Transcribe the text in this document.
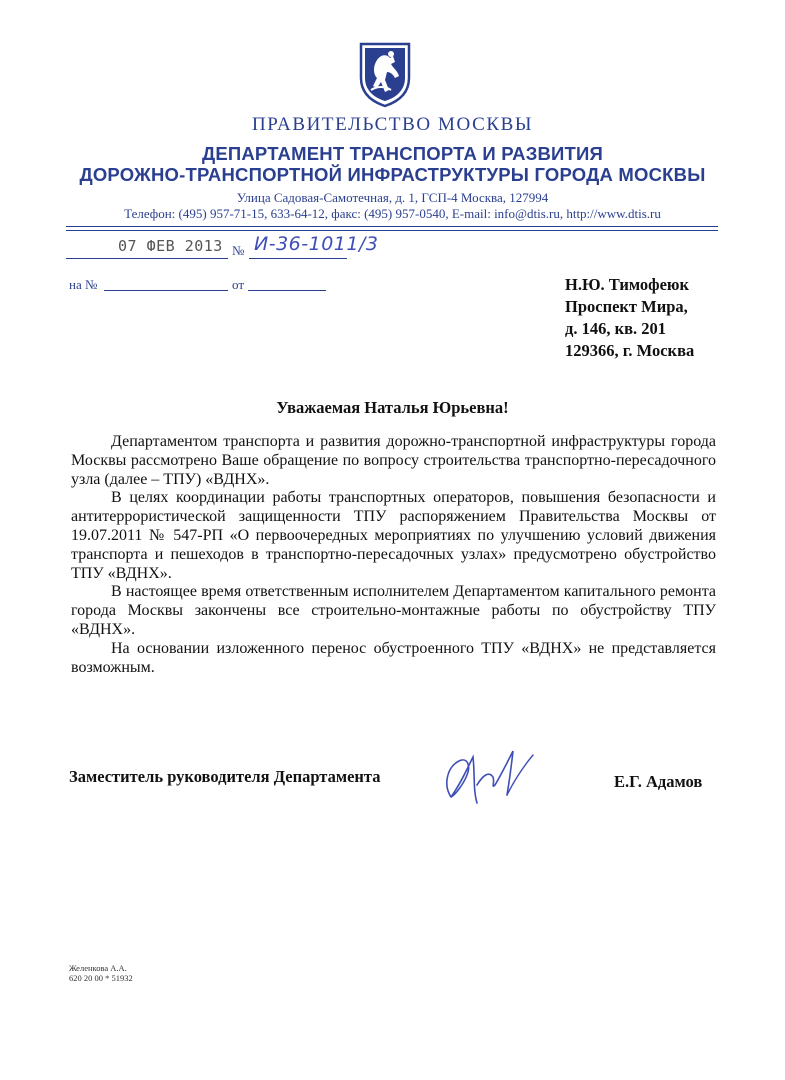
ПРАВИТЕЛЬСТВО МОСКВЫ
ДЕПАРТАМЕНТ ТРАНСПОРТА И РАЗВИТИЯ
ДОРОЖНО-ТРАНСПОРТНОЙ ИНФРАСТРУКТУРЫ ГОРОДА МОСКВЫ
Улица Садовая-Самотечная, д. 1, ГСП-4 Москва, 127994
Телефон: (495) 957-71-15, 633-64-12, факс: (495) 957-0540, E-mail: info@dtis.ru, http://www.dtis.ru
07 ФЕВ 2013 № И-36-1011/3
на №	от	Н.Ю. Тимофеюк
Проспект Мира,
д. 146, кв. 201
129366, г. Москва
Уважаемая Наталья Юрьевна!

Департаментом транспорта и развития дорожно-транспортной инфраструктуры города Москвы рассмотрено Ваше обращение по вопросу строительства транспортно-пересадочного узла (далее – ТПУ) «ВДНХ».

В целях координации работы транспортных операторов, повышения безопасности и антитеррористической защищенности ТПУ распоряжением Правительства Москвы от 19.07.2011 № 547-РП «О первоочередных мероприятиях по улучшению условий движения транспорта и пешеходов в транспортно-пересадочных узлах» предусмотрено обустройство ТПУ «ВДНХ».

В настоящее время ответственным исполнителем Департаментом капитального ремонта города Москвы закончены все строительно-монтажные работы по обустройству ТПУ «ВДНХ».

На основании изложенного перенос обустроенного ТПУ «ВДНХ» не представляется возможным.

Заместитель руководителя Департамента	Е.Г. Адамов
Желенкова А.А.
620 20 00 * 51932
